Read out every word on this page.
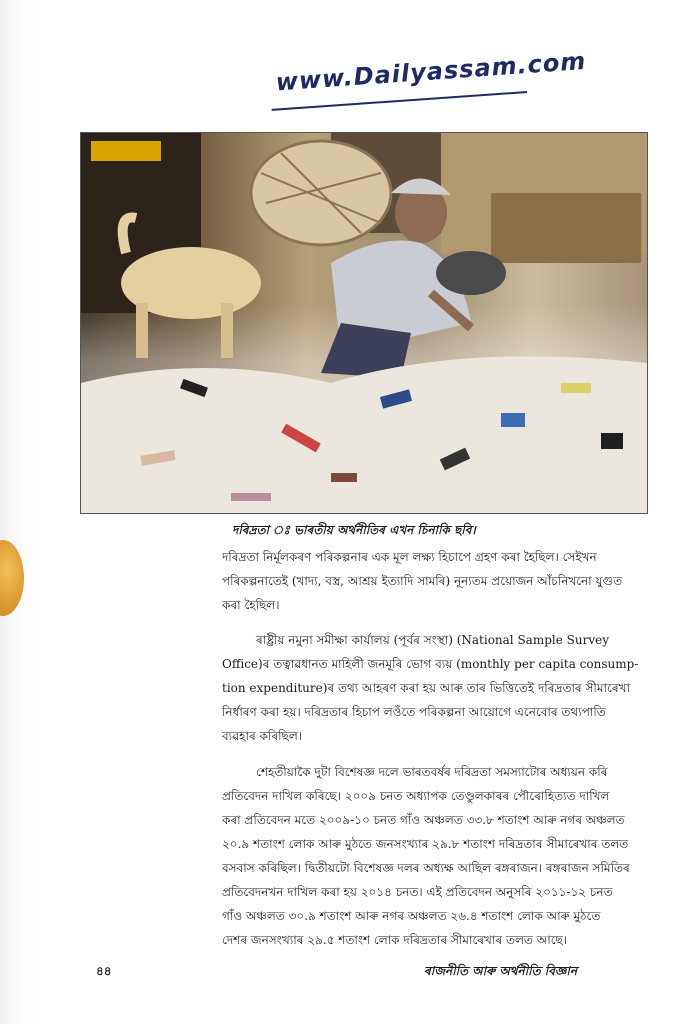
www.Dailyassam.com
দৰিদ্ৰতা ঃ ভাৰতীয় অৰ্থনীতিৰ এখন চিনাকি ছবি।
দৰিদ্ৰতা নিৰ্মূলকৰণ পৰিকল্পনাৰ এক মূল লক্ষ্য হিচাপে গ্ৰহণ কৰা হৈছিল। সেইখন
পৰিকল্পনাতেই (খাদ্য, বস্ত্ৰ, আশ্ৰয় ইত্যাদি সামৰি) নূন্যতম প্ৰয়োজন আঁচনিখনো যুগুত
কৰা হৈছিল।
ৰাষ্ট্ৰীয় নমুনা সমীক্ষা কাৰ্যালয় (পূৰ্বৰ সংস্থা) (National Sample Survey
Office)ৰ তত্বাৱধানত মাহিলী জনমূৰি ভোগ ব্যয় (monthly per capita consump-
tion expenditure)ৰ তথ্য আহৰণ কৰা হয় আৰু তাৰ ভিত্তিতেই দৰিদ্ৰতাৰ সীমাৰেখা
নিৰ্ধাৰণ কৰা হয়। দৰিদ্ৰতাৰ হিচাপ লওঁতে পৰিকল্পনা আয়োগে এনেবোৰ তথ্যপাতি
ব্যৱহাৰ কৰিছিল।
শেহতীয়াকৈ দুটা বিশেষজ্ঞ দলে ভাৰতবৰ্ষৰ দৰিদ্ৰতা সমস্যাটোৰ অধ্যয়ন কৰি
প্ৰতিবেদন দাখিল কৰিছে। ২০০৯ চনত অধ্যাপক তেণ্ডুলকাৰৰ পৌৰোহিত্যত দাখিল
কৰা প্ৰতিবেদন মতে ২০০৯-১০ চনত গাঁও অঞ্চলত ৩৩.৮ শতাংশ আৰু নগৰ অঞ্চলত
২০.৯ শতাংশ লোক আৰু মুঠতে জনসংখ্যাৰ ২৯.৮ শতাংশ দৰিদ্ৰতাৰ সীমাৰেখাৰ তলত
বসবাস কৰিছিল। দ্বিতীয়টো বিশেষজ্ঞ দলৰ অধ্যক্ষ আছিল ৰঙ্গৰাজন। ৰঙ্গৰাজন সমিতিৰ
প্ৰতিবেদনখন দাখিল কৰা হয় ২০১৪ চনত। এই প্ৰতিবেদন অনুসৰি ২০১১-১২ চনত
গাঁও অঞ্চলত ৩০.৯ শতাংশ আৰু নগৰ অঞ্চলত ২৬.৪ শতাংশ লোক আৰু মুঠতে
দেশৰ জনসংখ্যাৰ ২৯.৫ শতাংশ লোক দৰিদ্ৰতাৰ সীমাৰেখাৰ তলত আছে।
৪৪	ৰাজনীতি আৰু অৰ্থনীতি বিজ্ঞান
